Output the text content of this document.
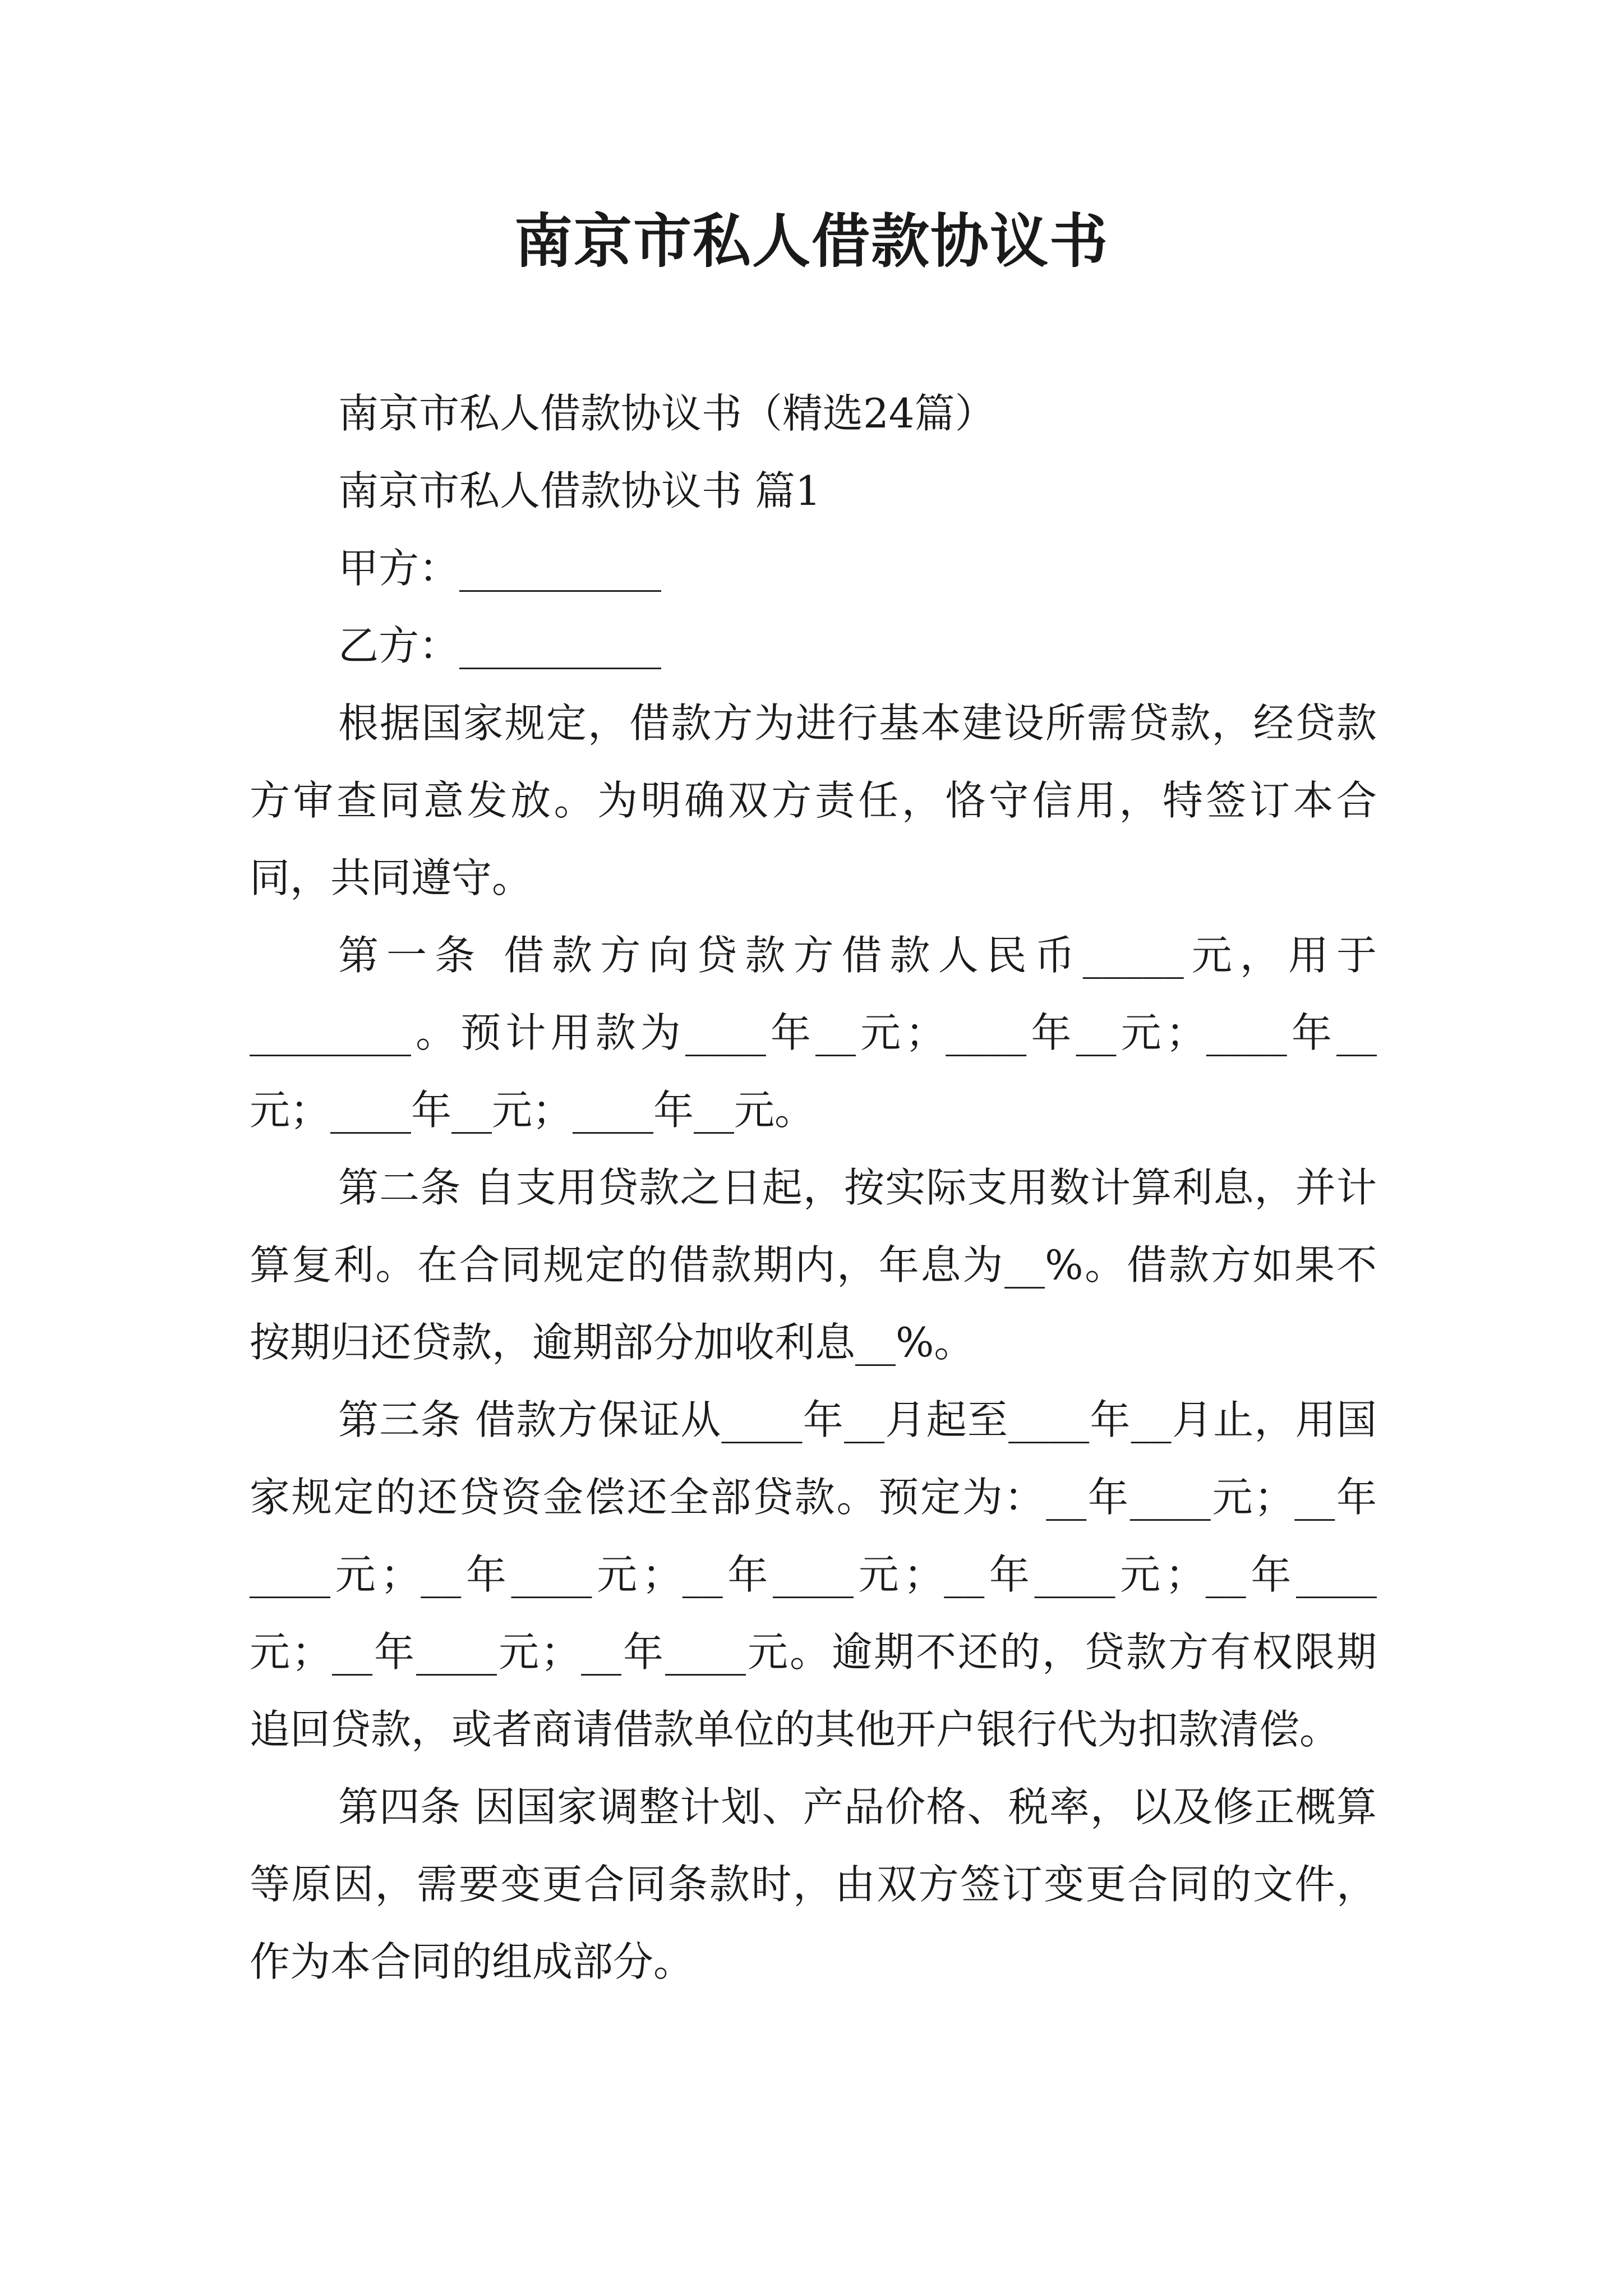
南京市私人借款协议书

南京市私人借款协议书（精选24篇）

南京市私人借款协议书 篇1

甲方：__________

乙方：__________

根据国家规定，借款方为进行基本建设所需贷款，经贷款方审查同意发放。为明确双方责任，恪守信用，特签订本合同，共同遵守。

第一条 借款方向贷款方借款人民币_____元，用于________。预计用款为____年__元；____年__元；____年__元；____年__元；____年__元。

第二条 自支用贷款之日起，按实际支用数计算利息，并计算复利。在合同规定的借款期内，年息为__%。借款方如果不按期归还贷款，逾期部分加收利息__%。

第三条 借款方保证从____年__月起至____年__月止，用国家规定的还贷资金偿还全部贷款。预定为：__年____元；__年____元；__年____元；__年____元；__年____元；__年____元；__年____元；__年____元。逾期不还的，贷款方有权限期追回贷款，或者商请借款单位的其他开户银行代为扣款清偿。

第四条 因国家调整计划、产品价格、税率，以及修正概算等原因，需要变更合同条款时，由双方签订变更合同的文件，作为本合同的组成部分。
